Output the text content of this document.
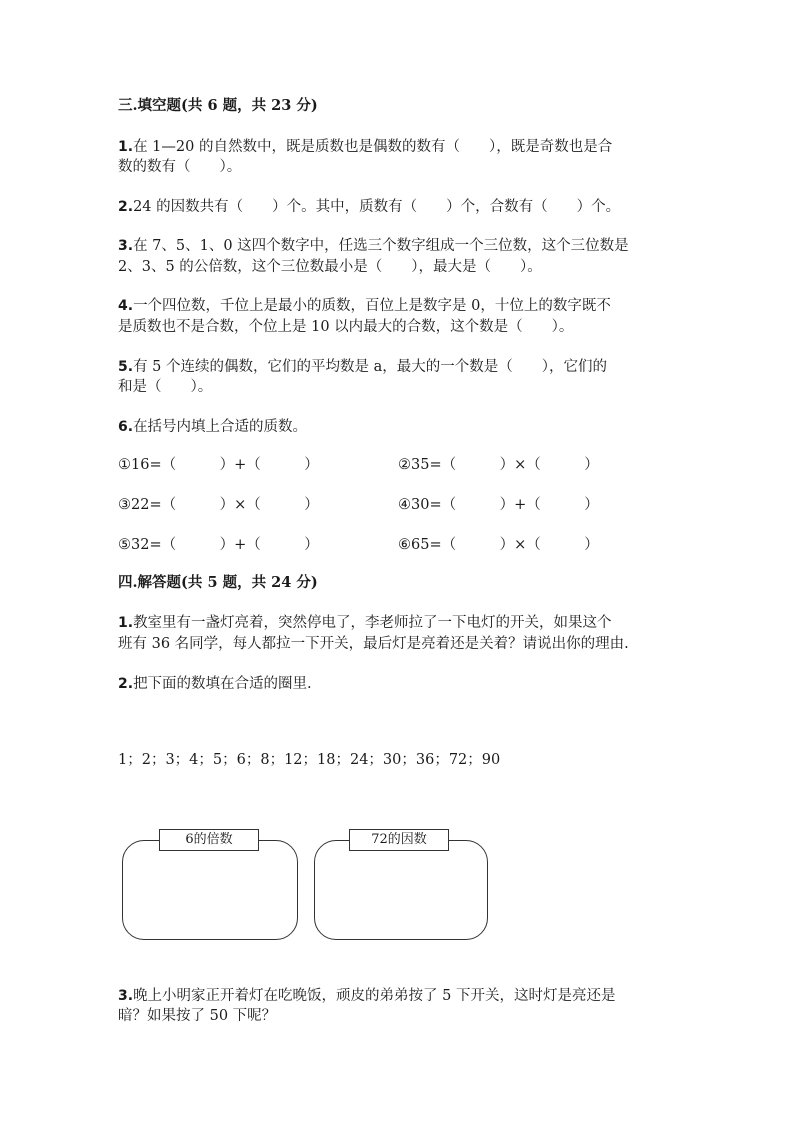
三.填空题(共 6 题，共 23 分)
1.在 1—20 的自然数中，既是质数也是偶数的数有（　　），既是奇数也是合
数的数有（　　）。
2.24 的因数共有（　　）个。其中，质数有（　　）个，合数有（　　）个。
3.在 7、5、1、0 这四个数字中，任选三个数字组成一个三位数，这个三位数是
2、3、5 的公倍数，这个三位数最小是（　　），最大是（　　）。
4.一个四位数，千位上是最小的质数，百位上是数字是 0，十位上的数字既不
是质数也不是合数，个位上是 10 以内最大的合数，这个数是（　　）。
5.有 5 个连续的偶数，它们的平均数是 a，最大的一个数是（　　），它们的
和是（　　）。
6.在括号内填上合适的质数。
①16=（　　　）+（　　　）	②35=（　　　）×（　　　）
③22=（　　　）×（　　　）	④30=（　　　）+（　　　）
⑤32=（　　　）+（　　　）	⑥65=（　　　）×（　　　）
四.解答题(共 5 题，共 24 分)
1.教室里有一盏灯亮着，突然停电了，李老师拉了一下电灯的开关，如果这个
班有 36 名同学，每人都拉一下开关，最后灯是亮着还是关着？请说出你的理由.
2.把下面的数填在合适的圈里.
1；2；3；4；5；6；8；12；18；24；30；36；72；90
6的倍数	72的因数
3.晚上小明家正开着灯在吃晚饭，顽皮的弟弟按了 5 下开关，这时灯是亮还是
暗？如果按了 50 下呢？
